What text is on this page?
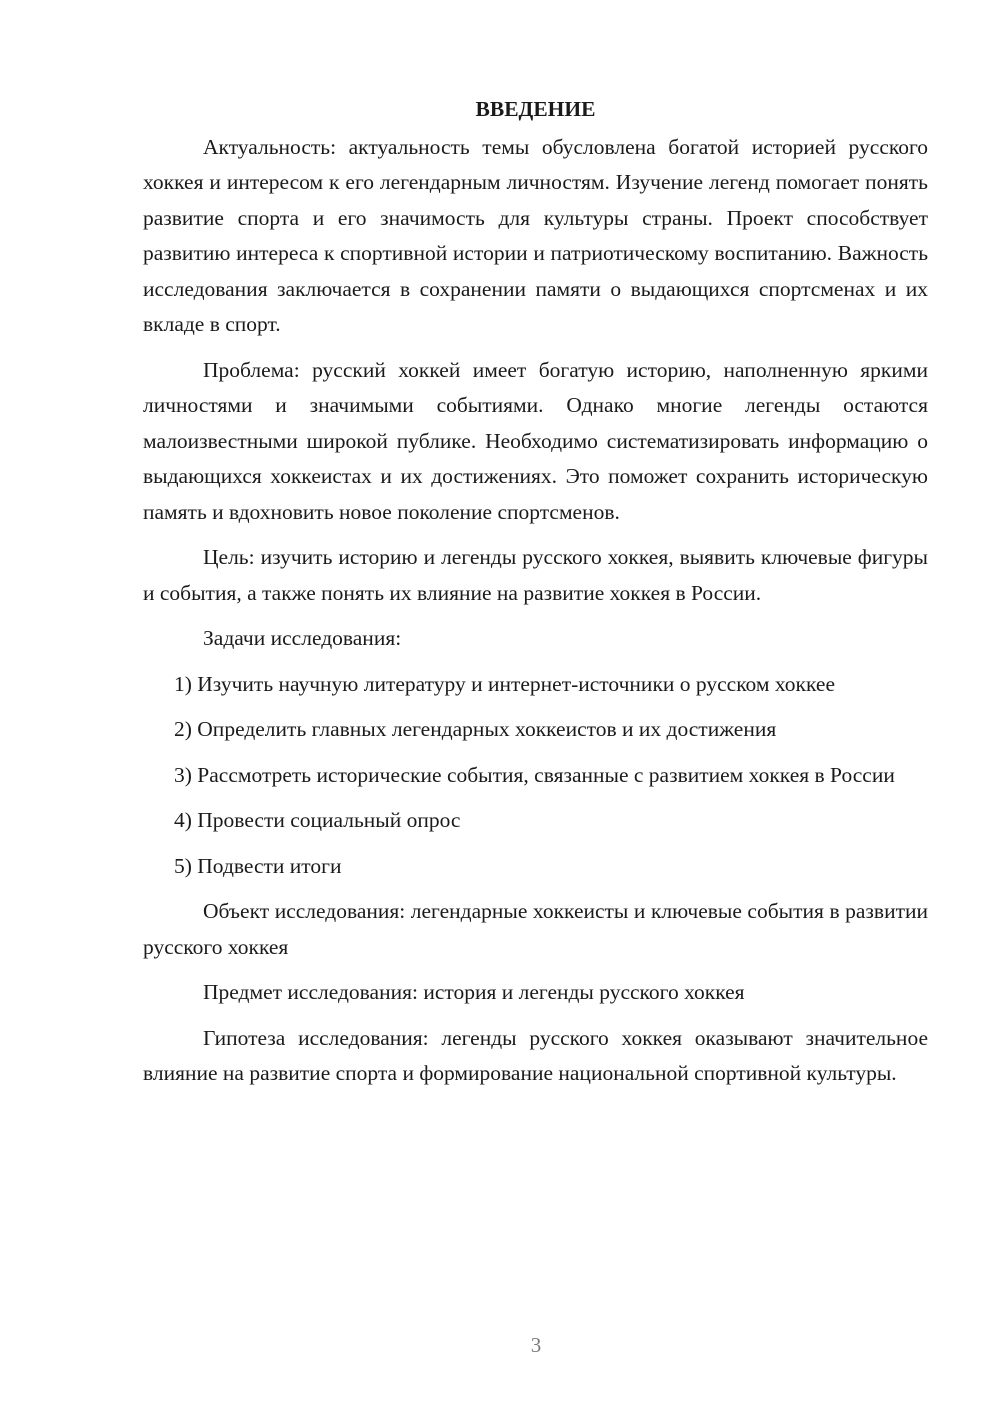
ВВЕДЕНИЕ

Актуальность: актуальность темы обусловлена богатой историей русского хоккея и интересом к его легендарным личностям. Изучение легенд помогает понять развитие спорта и его значимость для культуры страны. Проект способствует развитию интереса к спортивной истории и патриотическому воспитанию. Важность исследования заключается в сохранении памяти о выдающихся спортсменах и их вкладе в спорт.

Проблема: русский хоккей имеет богатую историю, наполненную яркими личностями и значимыми событиями. Однако многие легенды остаются малоизвестными широкой публике. Необходимо систематизировать информацию о выдающихся хоккеистах и их достижениях. Это поможет сохранить историческую память и вдохновить новое поколение спортсменов.

Цель: изучить историю и легенды русского хоккея, выявить ключевые фигуры и события, а также понять их влияние на развитие хоккея в России.

Задачи исследования:

1) Изучить научную литературу и интернет-источники о русском хоккее

2) Определить главных легендарных хоккеистов и их достижения

3) Рассмотреть исторические события, связанные с развитием хоккея в России

4) Провести социальный опрос

5) Подвести итоги

Объект исследования: легендарные хоккеисты и ключевые события в развитии русского хоккея

Предмет исследования: история и легенды русского хоккея

Гипотеза исследования: легенды русского хоккея оказывают значительное влияние на развитие спорта и формирование национальной спортивной культуры.

3
